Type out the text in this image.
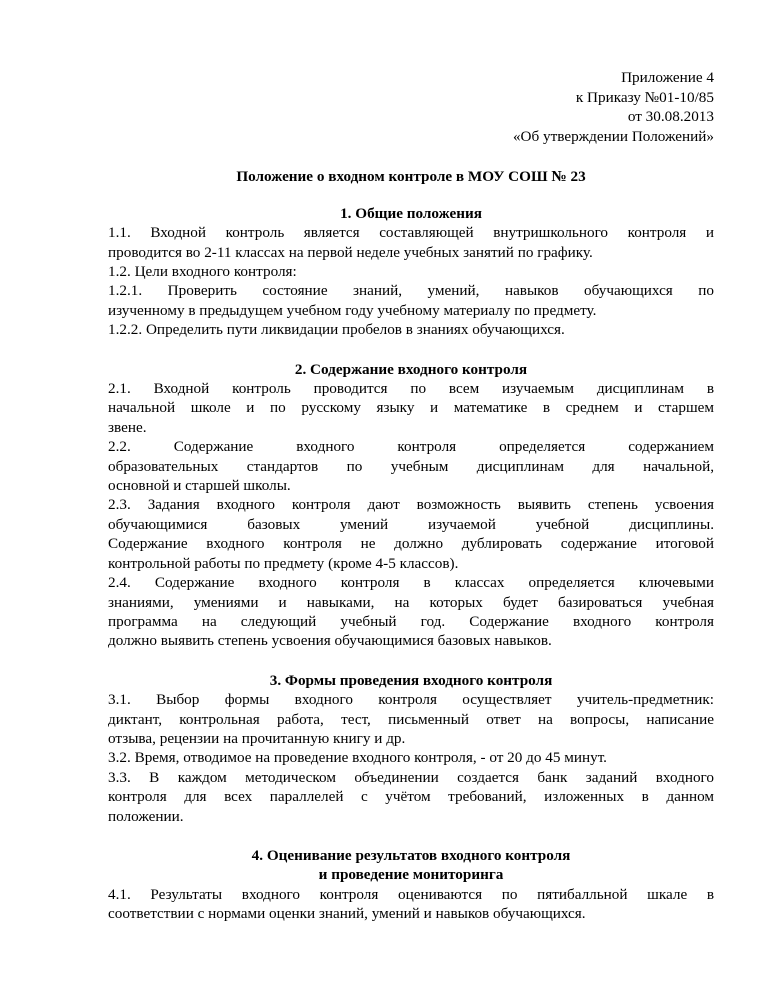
Приложение 4
к Приказу №01-10/85
от 30.08.2013
«Об утверждении Положений»
Положение о входном контроле в МОУ СОШ № 23
1. Общие положения
1.1. Входной контроль является составляющей внутришкольного контроля и
проводится во 2-11 классах на первой неделе учебных занятий по графику.
1.2. Цели входного контроля:
1.2.1. Проверить состояние знаний, умений, навыков обучающихся по
изученному в предыдущем учебном году учебному материалу по предмету.
1.2.2. Определить пути ликвидации пробелов в знаниях обучающихся.
2. Содержание входного контроля
2.1. Входной контроль проводится по всем изучаемым дисциплинам в
начальной школе и по русскому языку и математике в среднем и старшем
звене.
2.2. Содержание входного контроля определяется содержанием
образовательных стандартов по учебным дисциплинам для начальной,
основной и старшей школы.
2.3. Задания входного контроля дают возможность выявить степень усвоения
обучающимися базовых умений изучаемой учебной дисциплины.
Содержание входного контроля не должно дублировать содержание итоговой
контрольной работы по предмету (кроме 4-5 классов).
2.4. Содержание входного контроля в классах определяется ключевыми
знаниями, умениями и навыками, на которых будет базироваться учебная
программа на следующий учебный год. Содержание входного контроля
должно выявить степень усвоения обучающимися базовых навыков.
3. Формы проведения входного контроля
3.1. Выбор формы входного контроля осуществляет учитель-предметник:
диктант, контрольная работа, тест, письменный ответ на вопросы, написание
отзыва, рецензии на прочитанную книгу и др.
3.2. Время, отводимое на проведение входного контроля, - от 20 до 45 минут.
3.3. В каждом методическом объединении создается банк заданий входного
контроля для всех параллелей с учётом требований, изложенных в данном
положении.
4. Оценивание результатов входного контроля
и проведение мониторинга
4.1. Результаты входного контроля оцениваются по пятибалльной шкале в
соответствии с нормами оценки знаний, умений и навыков обучающихся.
